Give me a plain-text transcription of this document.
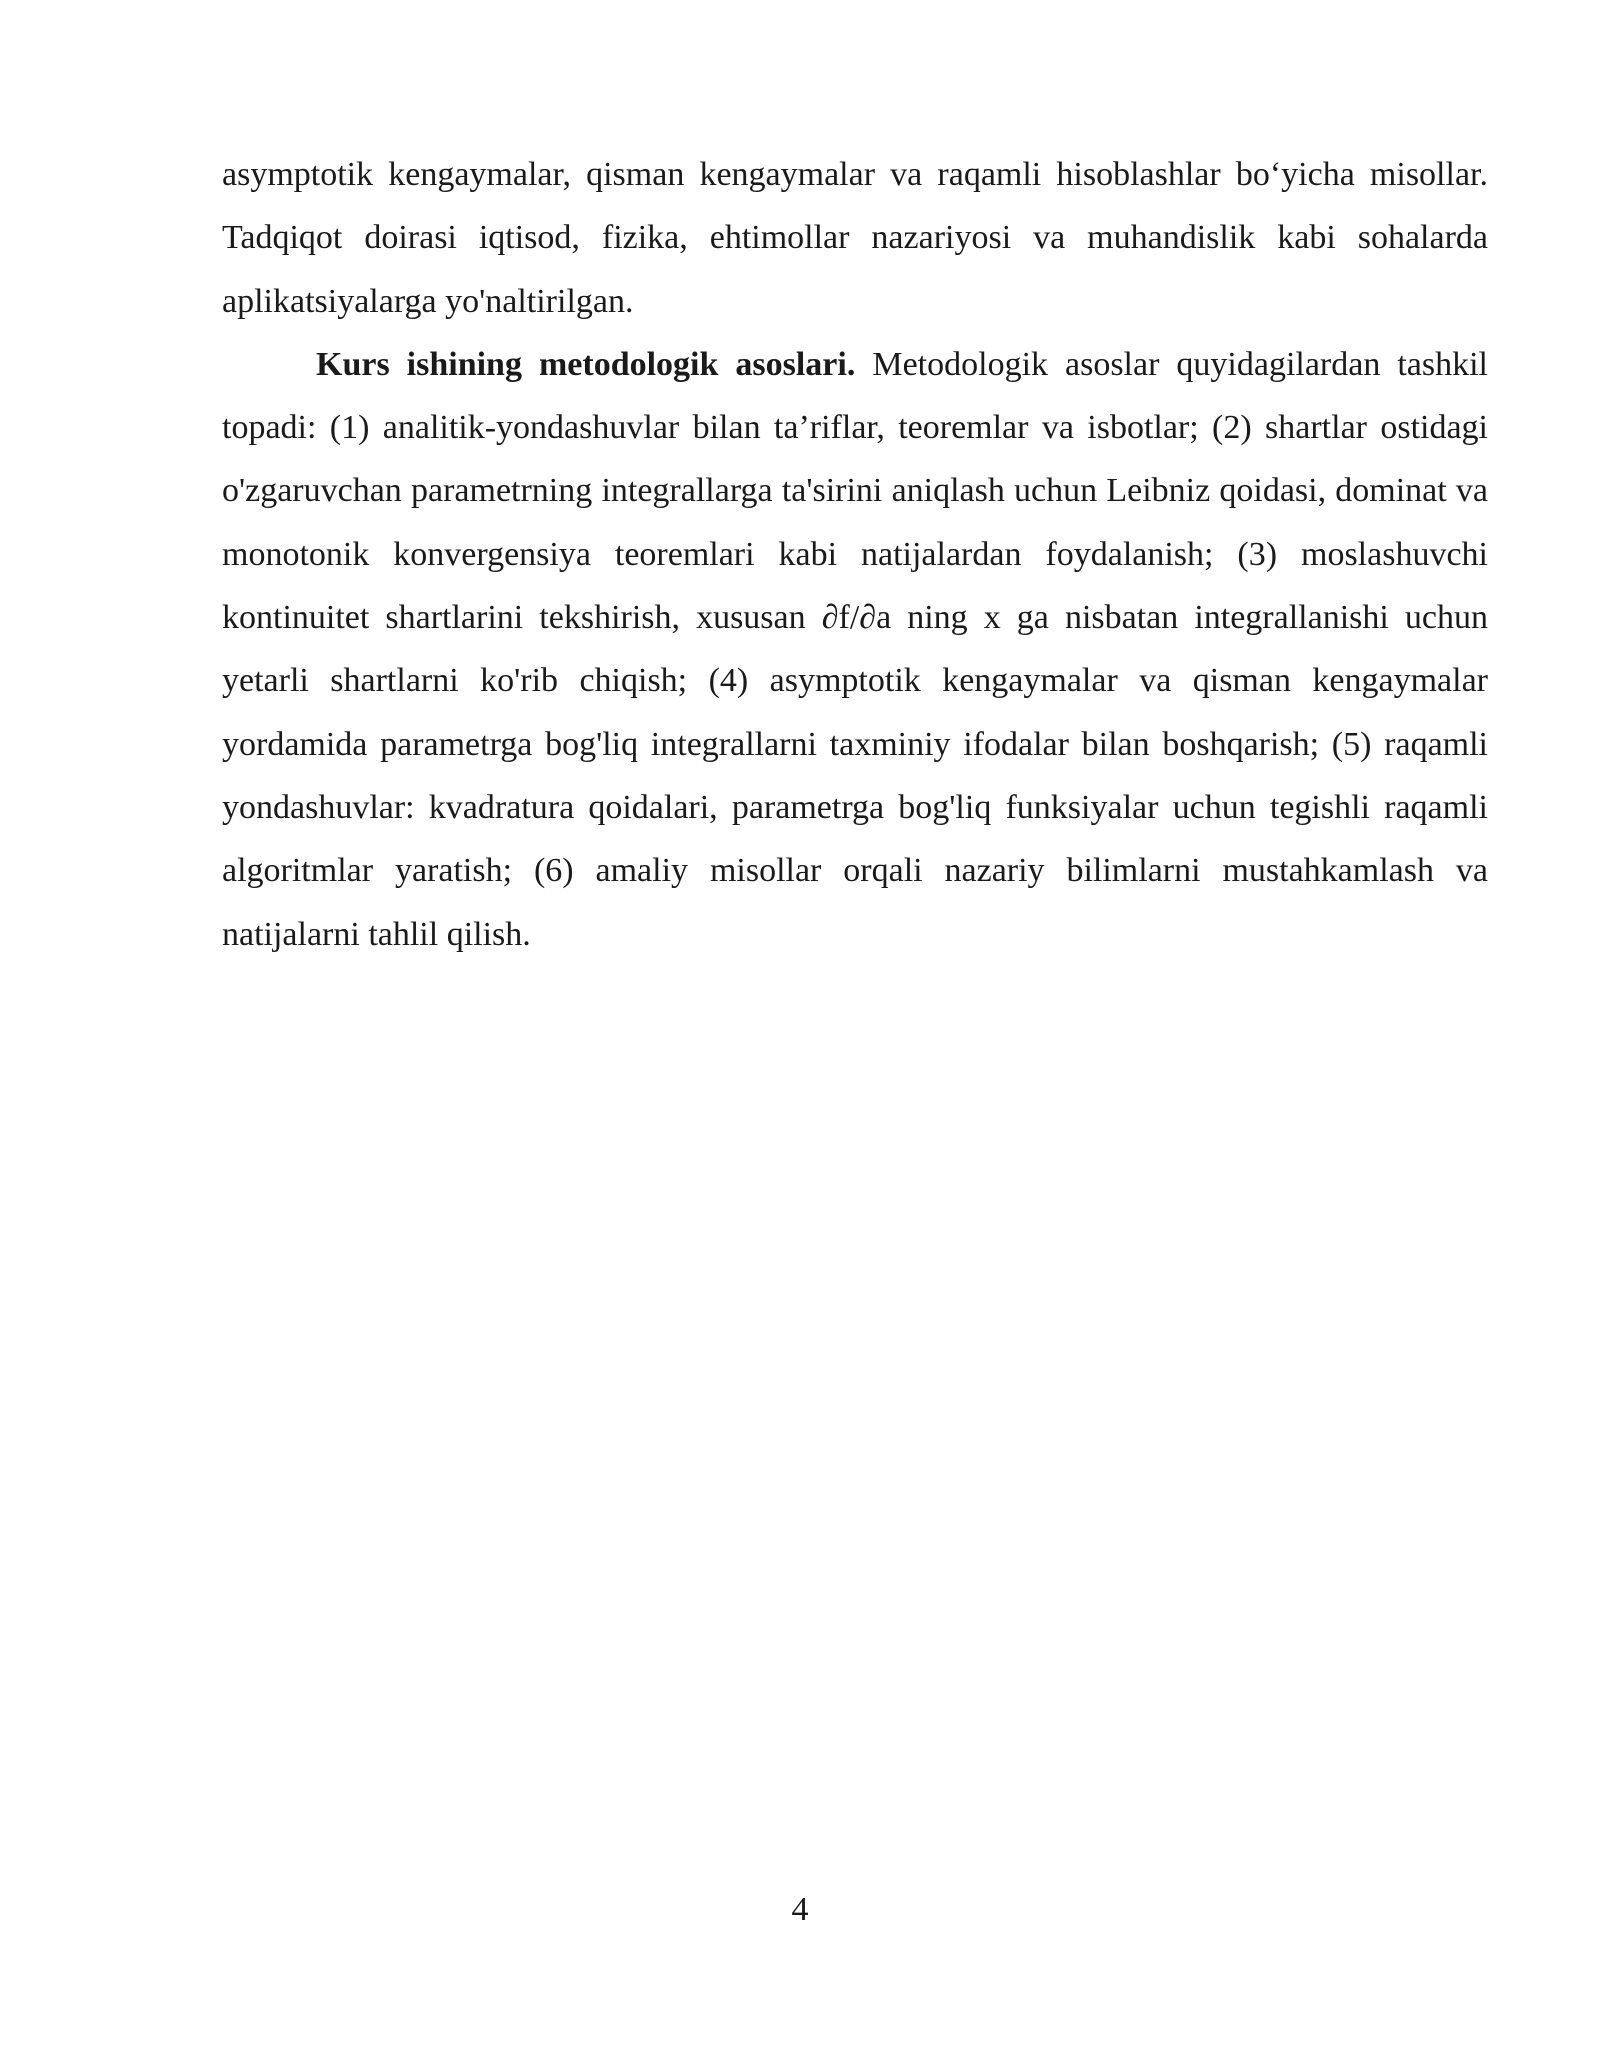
asymptotik kengaymalar, qisman kengaymalar va raqamli hisoblashlar bo‘yicha misollar. Tadqiqot doirasi iqtisod, fizika, ehtimollar nazariyosi va muhandislik kabi sohalarda aplikatsiyalarga yo'naltirilgan.

Kurs ishining metodologik asoslari. Metodologik asoslar quyidagilardan tashkil topadi: (1) analitik-yondashuvlar bilan ta’riflar, teoremlar va isbotlar; (2) shartlar ostidagi o'zgaruvchan parametrning integrallarga ta'sirini aniqlash uchun Leibniz qoidasi, dominat va monotonik konvergensiya teoremlari kabi natijalardan foydalanish; (3) moslashuvchi kontinuitet shartlarini tekshirish, xususan ∂f/∂a ning x ga nisbatan integrallanishi uchun yetarli shartlarni ko'rib chiqish; (4) asymptotik kengaymalar va qisman kengaymalar yordamida parametrga bog'liq integrallarni taxminiy ifodalar bilan boshqarish; (5) raqamli yondashuvlar: kvadratura qoidalari, parametrga bog'liq funksiyalar uchun tegishli raqamli algoritmlar yaratish; (6) amaliy misollar orqali nazariy bilimlarni mustahkamlash va natijalarni tahlil qilish.

4
